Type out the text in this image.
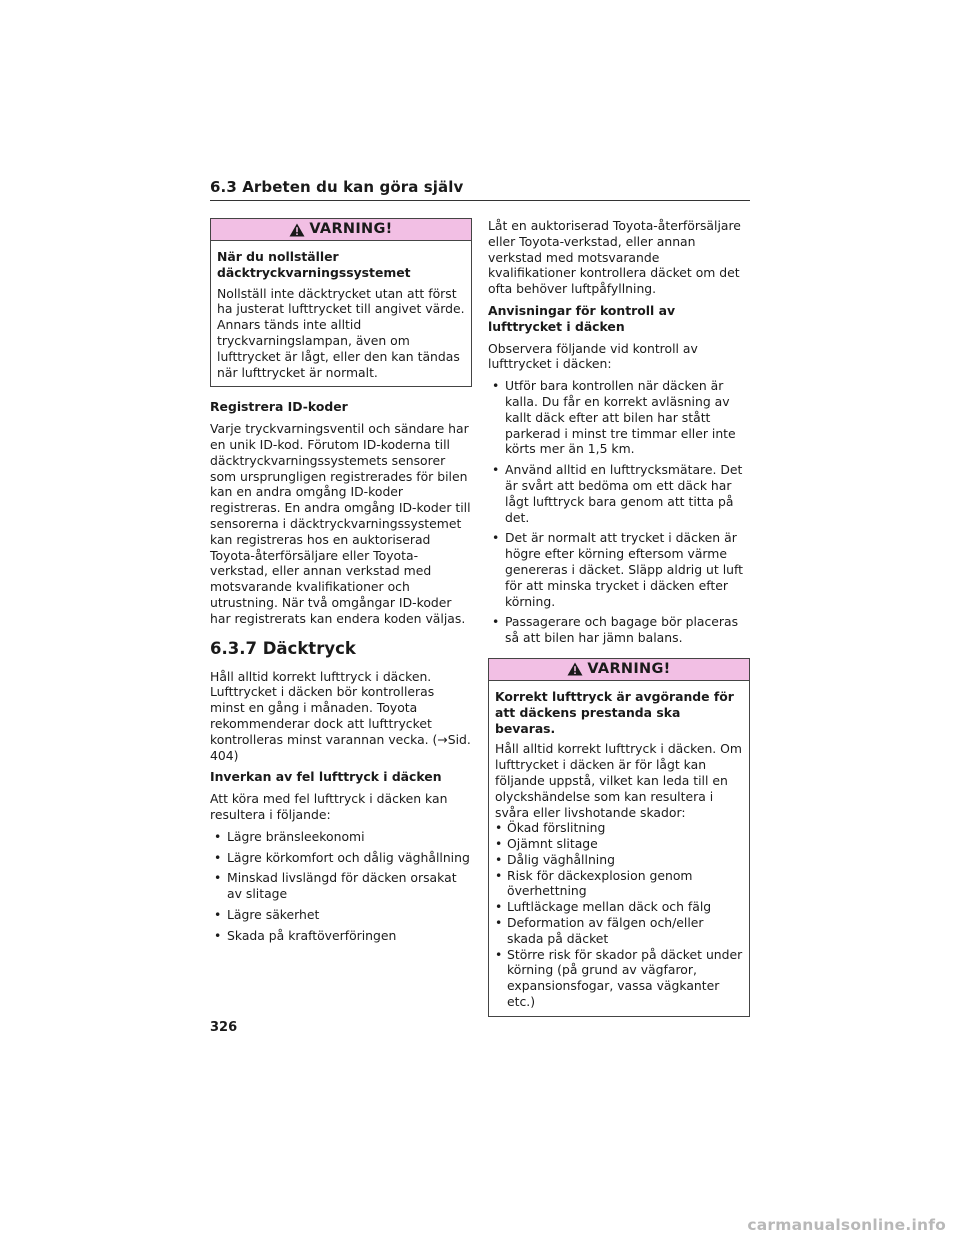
6.3 Arbeten du kan göra själv

VARNING!

När du nollställer däcktryckvarningssystemet

Nollställ inte däcktrycket utan att först ha justerat lufttrycket till angivet värde. Annars tänds inte alltid tryckvarningslampan, även om lufttrycket är lågt, eller den kan tändas när lufttrycket är normalt.

Registrera ID-koder

Varje tryckvarningsventil och sändare har en unik ID-kod. Förutom ID-koderna till däcktryckvarningssystemets sensorer som ursprungligen registrerades för bilen kan en andra omgång ID-koder registreras. En andra omgång ID-koder till sensorerna i däcktryckvarningssystemet kan registreras hos en auktoriserad Toyota-återförsäljare eller Toyota-verkstad, eller annan verkstad med motsvarande kvalifikationer och utrustning. När två omgångar ID-koder har registrerats kan endera koden väljas.

6.3.7 Däcktryck

Håll alltid korrekt lufttryck i däcken. Lufttrycket i däcken bör kontrolleras minst en gång i månaden. Toyota rekommenderar dock att lufttrycket kontrolleras minst varannan vecka. (→Sid. 404)

Inverkan av fel lufttryck i däcken

Att köra med fel lufttryck i däcken kan resultera i följande:

• Lägre bränsleekonomi
• Lägre körkomfort och dålig väghållning
• Minskad livslängd för däcken orsakat av slitage
• Lägre säkerhet
• Skada på kraftöverföringen

Låt en auktoriserad Toyota-återförsäljare eller Toyota-verkstad, eller annan verkstad med motsvarande kvalifikationer kontrollera däcket om det ofta behöver luftpåfyllning.

Anvisningar för kontroll av lufttrycket i däcken

Observera följande vid kontroll av lufttrycket i däcken:

• Utför bara kontrollen när däcken är kalla. Du får en korrekt avläsning av kallt däck efter att bilen har stått parkerad i minst tre timmar eller inte körts mer än 1,5 km.
• Använd alltid en lufttrycksmätare. Det är svårt att bedöma om ett däck har lågt lufttryck bara genom att titta på det.
• Det är normalt att trycket i däcken är högre efter körning eftersom värme genereras i däcket. Släpp aldrig ut luft för att minska trycket i däcken efter körning.
• Passagerare och bagage bör placeras så att bilen har jämn balans.
VARNING!

Korrekt lufttryck är avgörande för att däckens prestanda ska bevaras.

Håll alltid korrekt lufttryck i däcken. Om lufttrycket i däcken är för lågt kan följande uppstå, vilket kan leda till en olyckshändelse som kan resultera i svåra eller livshotande skador:

• Ökad förslitning
• Ojämnt slitage
• Dålig väghållning
• Risk för däckexplosion genom överhettning
• Luftläckage mellan däck och fälg
• Deformation av fälgen och/eller skada på däcket
• Större risk för skador på däcket under körning (på grund av vägfaror, expansionsfogar, vassa vägkanter etc.)
326
carmanualsonline.info
